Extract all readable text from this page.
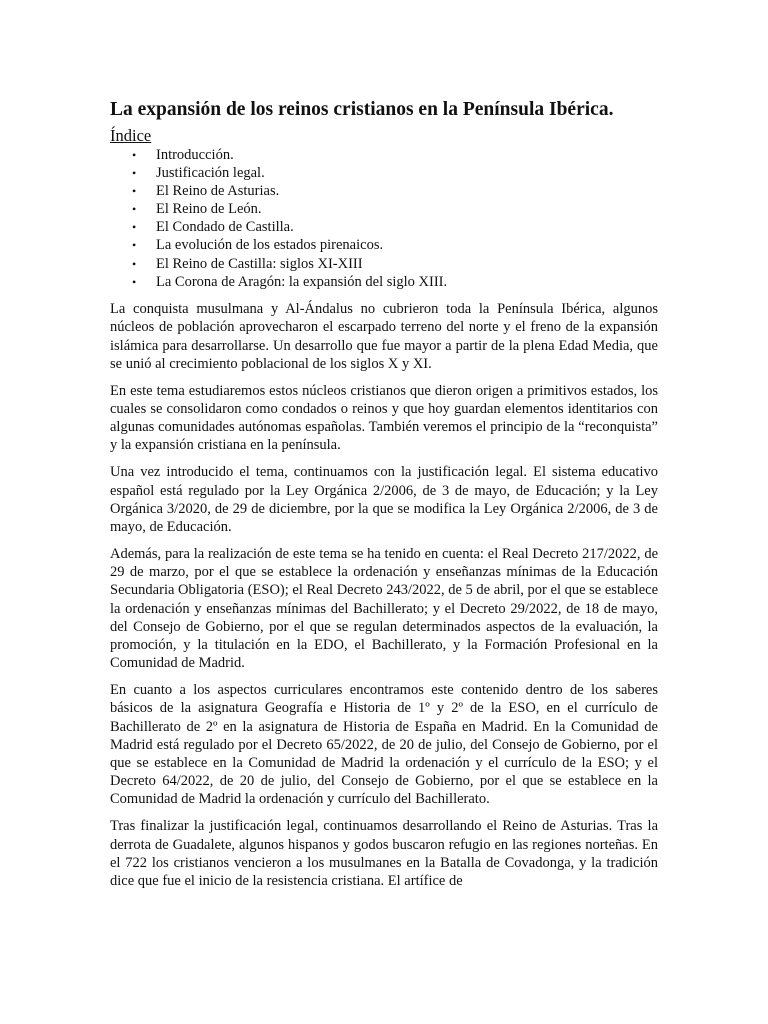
La expansión de los reinos cristianos en la Península Ibérica.
Índice
• Introducción.
• Justificación legal.
• El Reino de Asturias.
• El Reino de León.
• El Condado de Castilla.
• La evolución de los estados pirenaicos.
• El Reino de Castilla: siglos XI-XIII
• La Corona de Aragón: la expansión del siglo XIII.

La conquista musulmana y Al-Ándalus no cubrieron toda la Península Ibérica, algunos núcleos de población aprovecharon el escarpado terreno del norte y el freno de la expansión islámica para desarrollarse. Un desarrollo que fue mayor a partir de la plena Edad Media, que se unió al crecimiento poblacional de los siglos X y XI.

En este tema estudiaremos estos núcleos cristianos que dieron origen a primitivos estados, los cuales se consolidaron como condados o reinos y que hoy guardan elementos identitarios con algunas comunidades autónomas españolas. También veremos el principio de la “reconquista” y la expansión cristiana en la península.

Una vez introducido el tema, continuamos con la justificación legal. El sistema educativo español está regulado por la Ley Orgánica 2/2006, de 3 de mayo, de Educación; y la Ley Orgánica 3/2020, de 29 de diciembre, por la que se modifica la Ley Orgánica 2/2006, de 3 de mayo, de Educación.

Además, para la realización de este tema se ha tenido en cuenta: el Real Decreto 217/2022, de 29 de marzo, por el que se establece la ordenación y enseñanzas mínimas de la Educación Secundaria Obligatoria (ESO); el Real Decreto 243/2022, de 5 de abril, por el que se establece la ordenación y enseñanzas mínimas del Bachillerato; y el Decreto 29/2022, de 18 de mayo, del Consejo de Gobierno, por el que se regulan determinados aspectos de la evaluación, la promoción, y la titulación en la EDO, el Bachillerato, y la Formación Profesional en la Comunidad de Madrid.

En cuanto a los aspectos curriculares encontramos este contenido dentro de los saberes básicos de la asignatura Geografía e Historia de 1º y 2º de la ESO, en el currículo de Bachillerato de 2º en la asignatura de Historia de España en Madrid. En la Comunidad de Madrid está regulado por el Decreto 65/2022, de 20 de julio, del Consejo de Gobierno, por el que se establece en la Comunidad de Madrid la ordenación y el currículo de la ESO; y el Decreto 64/2022, de 20 de julio, del Consejo de Gobierno, por el que se establece en la Comunidad de Madrid la ordenación y currículo del Bachillerato.

Tras finalizar la justificación legal, continuamos desarrollando el Reino de Asturias. Tras la derrota de Guadalete, algunos hispanos y godos buscaron refugio en las regiones norteñas. En el 722 los cristianos vencieron a los musulmanes en la Batalla de Covadonga, y la tradición dice que fue el inicio de la resistencia cristiana. El artífice de
